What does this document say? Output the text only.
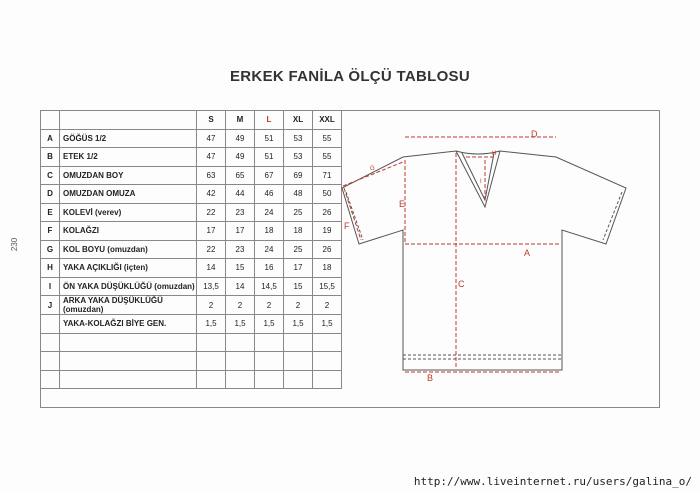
ERKEK FANİLA ÖLÇÜ TABLOSU
230
		S	M	L	XL	XXL
A	GÖĞÜS 1/2	47	49	51	53	55
B	ETEK 1/2	47	49	51	53	55
C	OMUZDAN BOY	63	65	67	69	71
D	OMUZDAN OMUZA	42	44	46	48	50
E	KOLEVİ (verev)	22	23	24	25	26
F	KOLAĞZI	17	17	18	18	19
G	KOL BOYU (omuzdan)	22	23	24	25	26
H	YAKA AÇIKLIĞI (içten)	14	15	16	17	18
I	ÖN YAKA DÜŞÜKLÜĞÜ (omuzdan)	13,5	14	14,5	15	15,5
J	ARKA YAKA DÜŞÜKLÜĞÜ (omuzdan)	2	2	2	2	2
	YAKA-KOLAĞZI BİYE GEN.	1,5	1,5	1,5	1,5	1,5

A
B
C
D
E
F
G
H
I
http://www.liveinternet.ru/users/galina_o/
